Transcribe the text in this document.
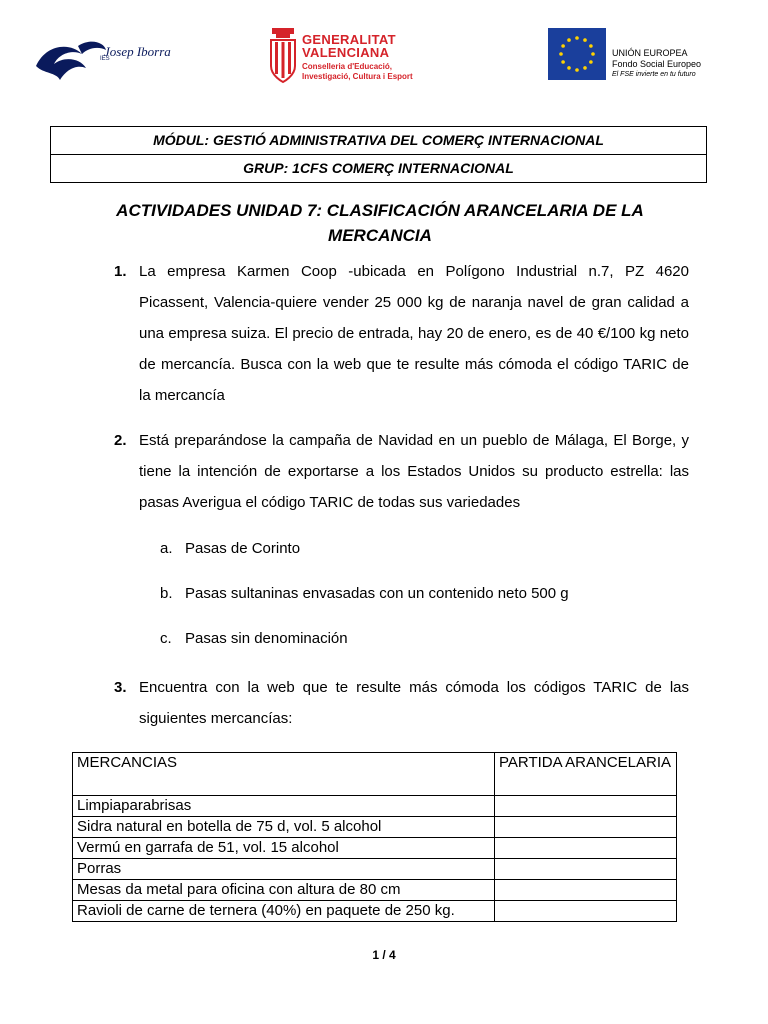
IES
Josep Iborra
GENERALITAT
VALENCIANA
Conselleria d'Educació,
Investigació, Cultura i Esport
UNIÓN EUROPEA
Fondo Social Europeo
El FSE invierte en tu futuro
MÓDUL: GESTIÓ ADMINISTRATIVA DEL COMERÇ INTERNACIONAL
GRUP: 1CFS COMERÇ INTERNACIONAL
ACTIVIDADES UNIDAD 7: CLASIFICACIÓN ARANCELARIA DE LA
MERCANCIA
1. La empresa Karmen Coop -ubicada en Polígono Industrial n.7, PZ 4620 Picassent, Valencia-quiere vender 25 000 kg de naranja navel de gran calidad a una empresa suiza. El precio de entrada, hay 20 de enero, es de 40 €/100 kg neto de mercancía. Busca con la web que te resulte más cómoda el código TARIC de la mercancía
2. Está preparándose la campaña de Navidad en un pueblo de Málaga, El Borge, y tiene la intención de exportarse a los Estados Unidos su producto estrella: las pasas Averigua el código TARIC de todas sus variedades
a. Pasas de Corinto
b. Pasas sultaninas envasadas con un contenido neto 500 g
c. Pasas sin denominación
3. Encuentra con la web que te resulte más cómoda los códigos TARIC de las siguientes mercancías:
MERCANCIAS	PARTIDA ARANCELARIA
Limpiaparabrisas	
Sidra natural en botella de 75 d, vol. 5 alcohol	
Vermú en garrafa de 51, vol. 15 alcohol	
Porras	
Mesas da metal para oficina con altura de 80 cm	
Ravioli de carne de ternera (40%) en paquete de 250 kg.	
1 / 4
